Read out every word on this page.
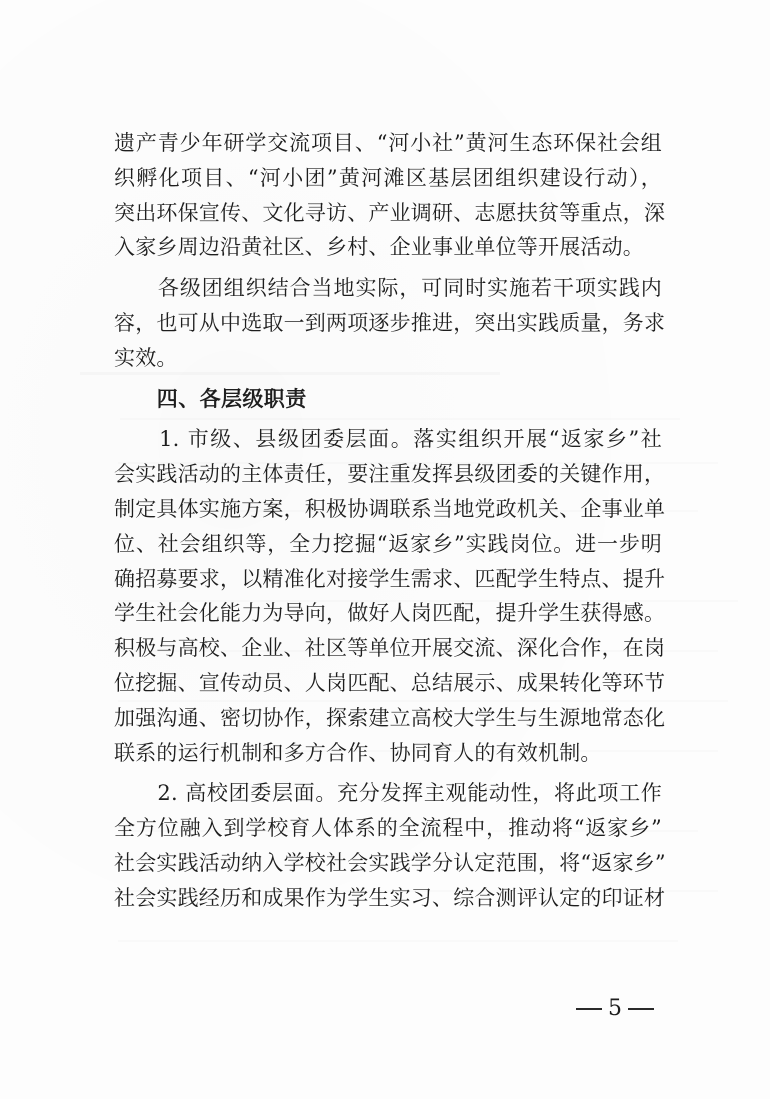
遗产青少年研学交流项目、“河小社”黄河生态环保社会组
织孵化项目、“河小团”黄河滩区基层团组织建设行动），
突出环保宣传、文化寻访、产业调研、志愿扶贫等重点，深
入家乡周边沿黄社区、乡村、企业事业单位等开展活动。
　　各级团组织结合当地实际，可同时实施若干项实践内
容，也可从中选取一到两项逐步推进，突出实践质量，务求
实效。
　　四、各层级职责
　　1. 市级、县级团委层面。落实组织开展“返家乡”社
会实践活动的主体责任，要注重发挥县级团委的关键作用，
制定具体实施方案，积极协调联系当地党政机关、企事业单
位、社会组织等，全力挖掘“返家乡”实践岗位。进一步明
确招募要求，以精准化对接学生需求、匹配学生特点、提升
学生社会化能力为导向，做好人岗匹配，提升学生获得感。
积极与高校、企业、社区等单位开展交流、深化合作，在岗
位挖掘、宣传动员、人岗匹配、总结展示、成果转化等环节
加强沟通、密切协作，探索建立高校大学生与生源地常态化
联系的运行机制和多方合作、协同育人的有效机制。
　　2. 高校团委层面。充分发挥主观能动性，将此项工作
全方位融入到学校育人体系的全流程中，推动将“返家乡”
社会实践活动纳入学校社会实践学分认定范围，将“返家乡”
社会实践经历和成果作为学生实习、综合测评认定的印证材
5
